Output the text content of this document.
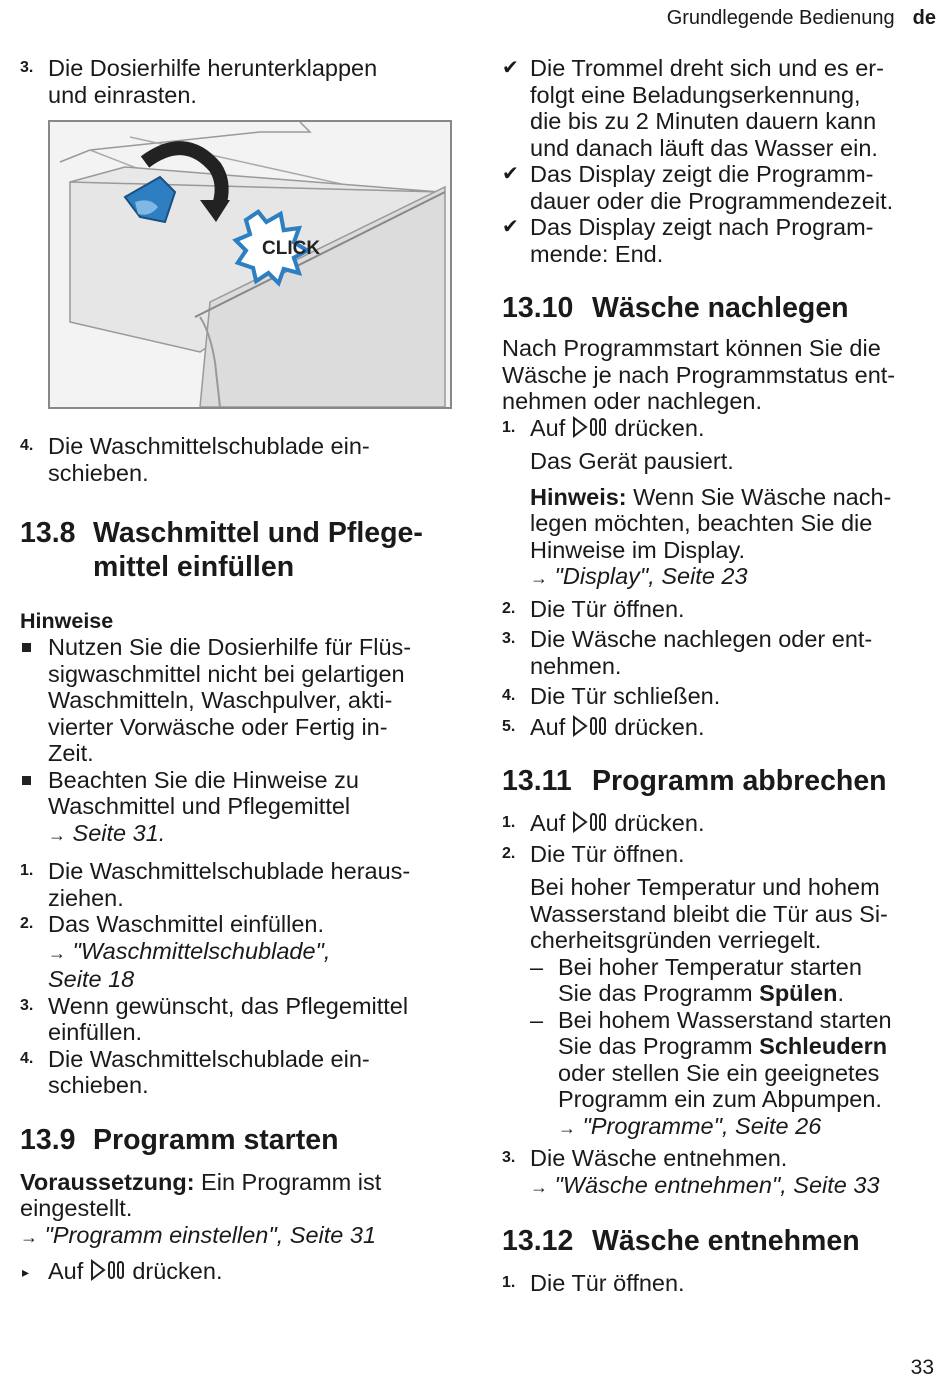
Grundlegende Bedienung de
3. Die Dosierhilfe herunterklappen
und einrasten.
CLICK
4. Die Waschmittelschublade ein-
schieben.
13.8 Waschmittel und Pflege-
mittel einfüllen
Hinweise
Nutzen Sie die Dosierhilfe für Flüs-
sigwaschmittel nicht bei gelartigen
Waschmitteln, Waschpulver, akti-
vierter Vorwäsche oder Fertig in-
Zeit.
Beachten Sie die Hinweise zu
Waschmittel und Pflegemittel
→ Seite 31.
1. Die Waschmittelschublade heraus-
ziehen.
2. Das Waschmittel einfüllen.
→ "Waschmittelschublade",
Seite 18
3. Wenn gewünscht, das Pflegemittel
einfüllen.
4. Die Waschmittelschublade ein-
schieben.
13.9 Programm starten
Voraussetzung: Ein Programm ist
eingestellt.
→ "Programm einstellen", Seite 31
▸ Auf  drücken.
✔ Die Trommel dreht sich und es er-
folgt eine Beladungserkennung,
die bis zu 2 Minuten dauern kann
und danach läuft das Wasser ein.
✔ Das Display zeigt die Programm-
dauer oder die Programmendezeit.
✔ Das Display zeigt nach Program-
mende: End.
13.10 Wäsche nachlegen
Nach Programmstart können Sie die
Wäsche je nach Programmstatus ent-
nehmen oder nachlegen.
1. Auf  drücken.
Das Gerät pausiert.
Hinweis: Wenn Sie Wäsche nach-
legen möchten, beachten Sie die
Hinweise im Display.
→ "Display", Seite 23
2. Die Tür öffnen.
3. Die Wäsche nachlegen oder ent-
nehmen.
4. Die Tür schließen.
5. Auf  drücken.
13.11 Programm abbrechen
1. Auf  drücken.
2. Die Tür öffnen.
Bei hoher Temperatur und hohem
Wasserstand bleibt die Tür aus Si-
cherheitsgründen verriegelt.
– Bei hoher Temperatur starten
Sie das Programm Spülen.
– Bei hohem Wasserstand starten
Sie das Programm Schleudern
oder stellen Sie ein geeignetes
Programm ein zum Abpumpen.
→ "Programme", Seite 26
3. Die Wäsche entnehmen.
→ "Wäsche entnehmen", Seite 33
13.12 Wäsche entnehmen
1. Die Tür öffnen.
33
